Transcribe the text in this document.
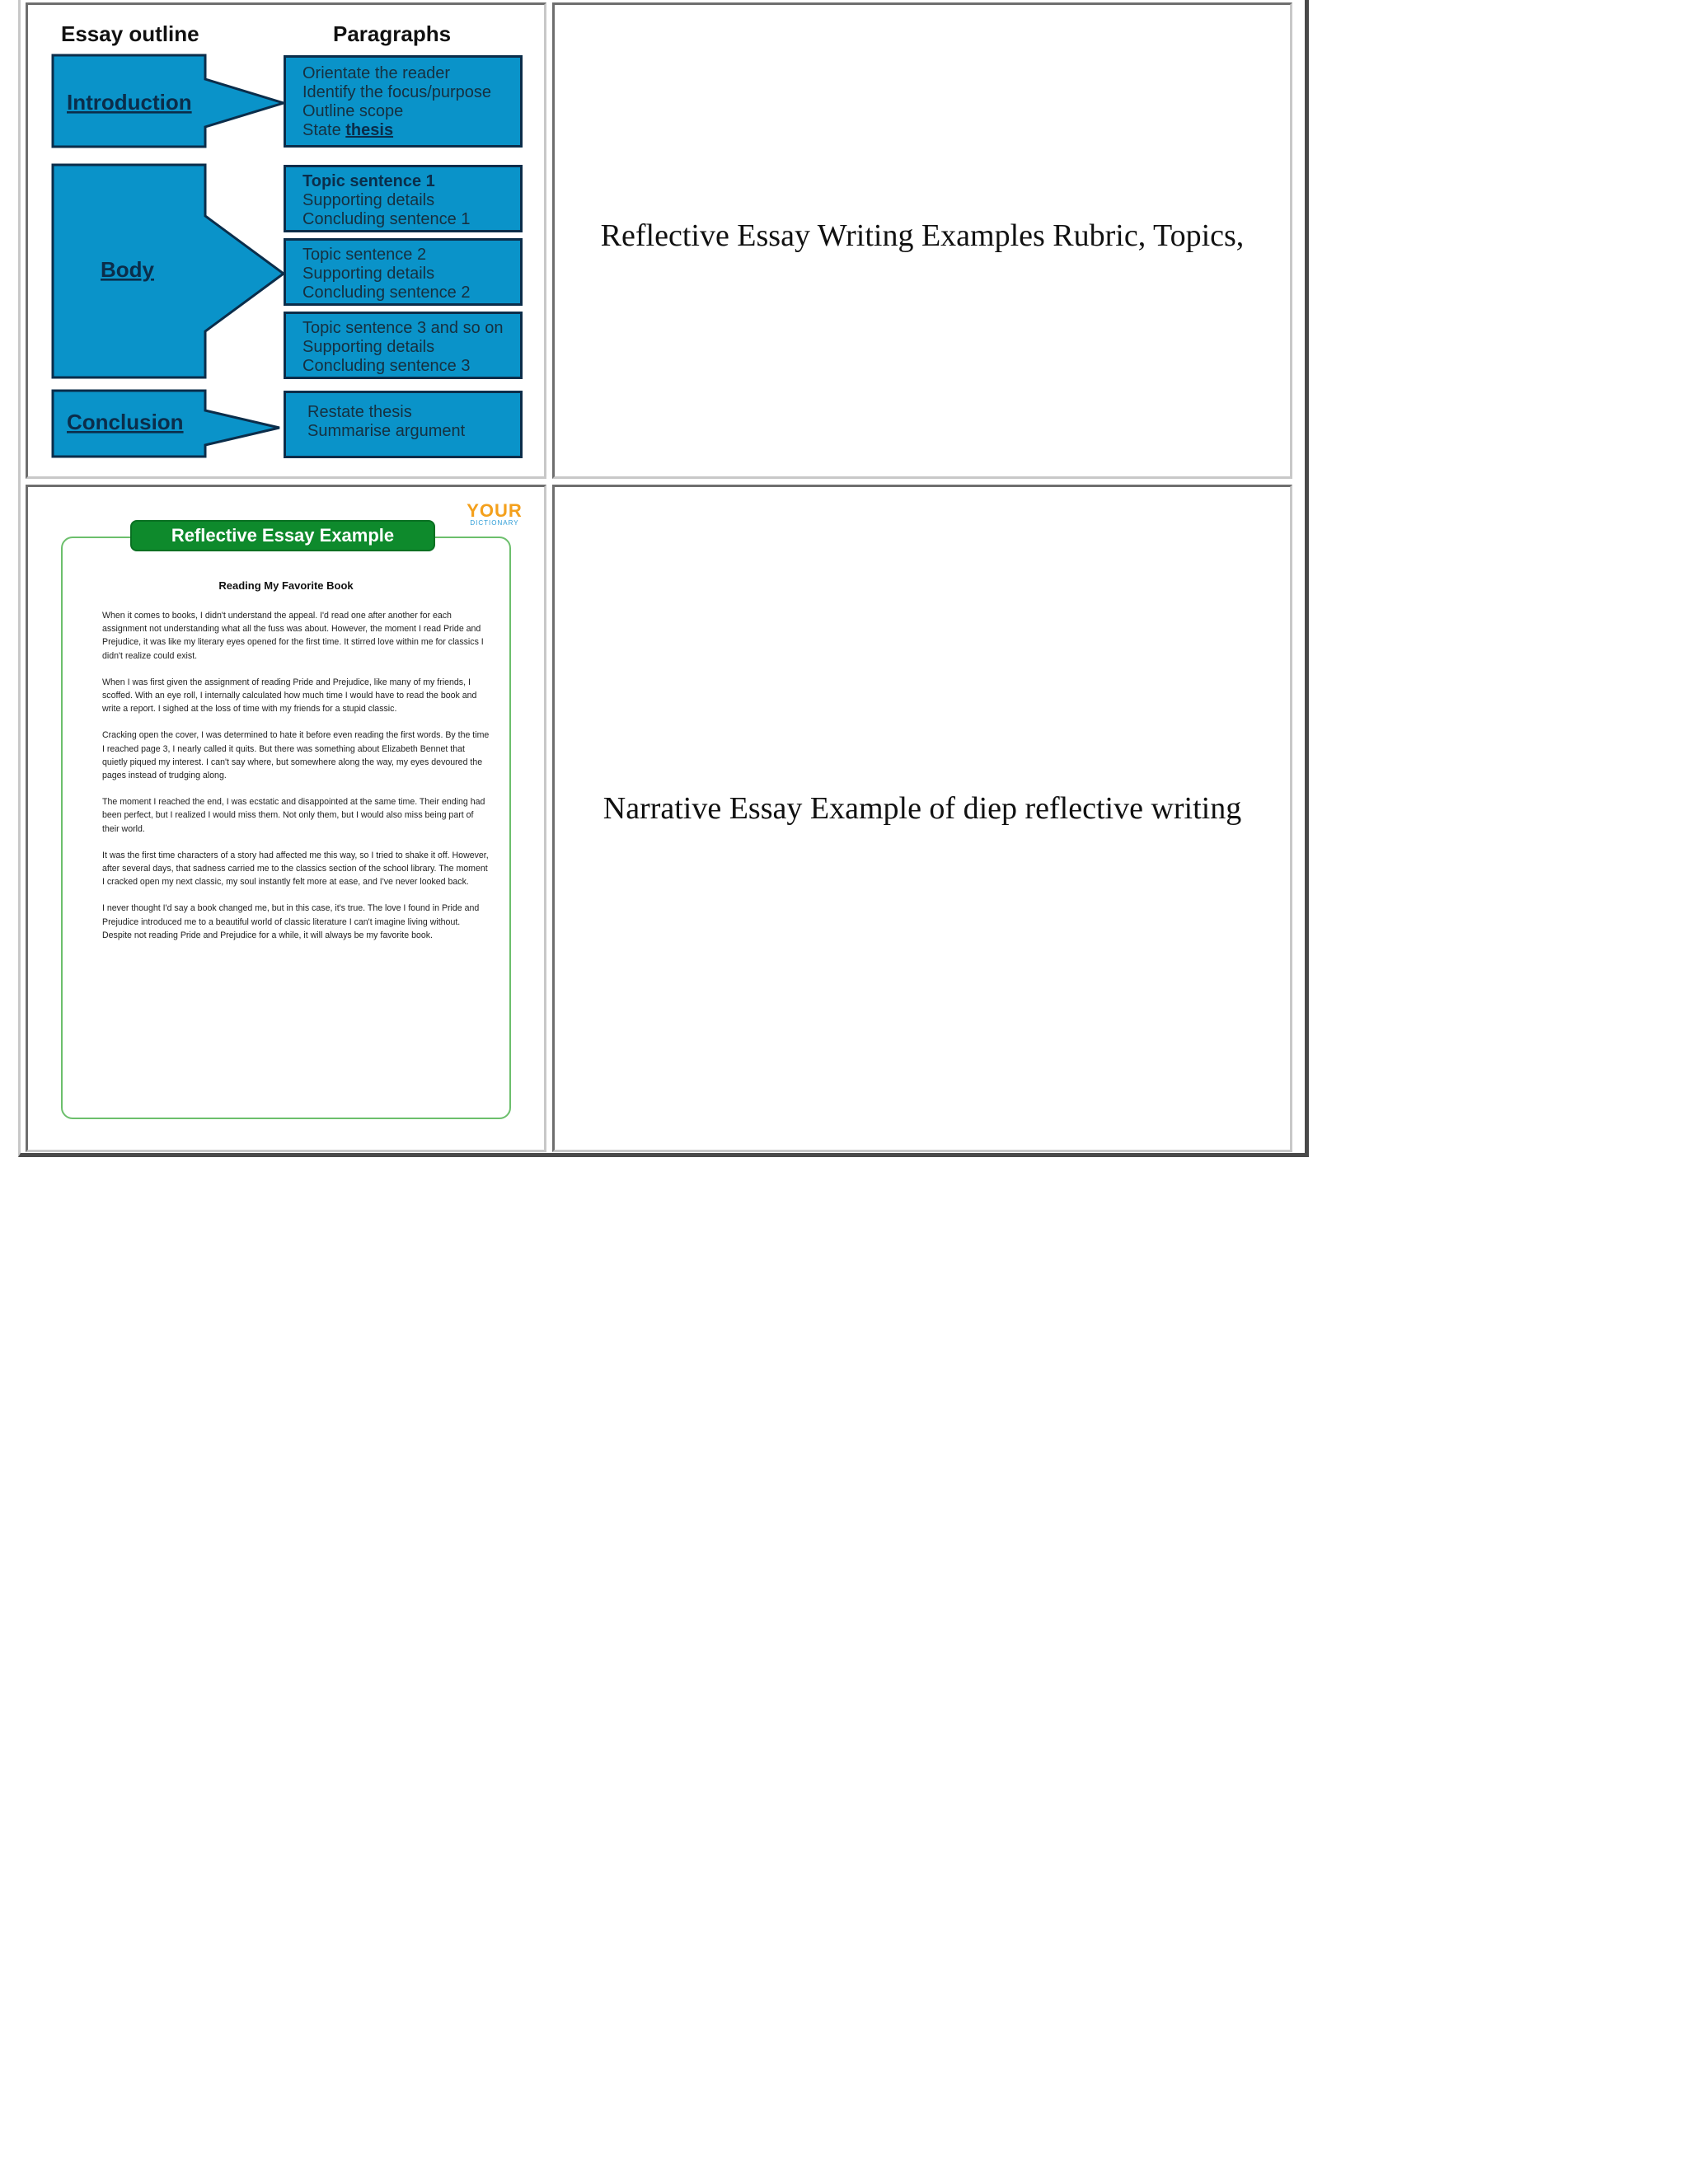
Essay outline	Paragraphs
Introduction
Body
Conclusion
Orientate the reader
Identify the focus/purpose
Outline scope
State thesis
Topic sentence 1
Supporting details
Concluding sentence 1
Topic sentence 2
Supporting details
Concluding sentence 2
Topic sentence 3 and so on
Supporting details
Concluding sentence 3
Restate thesis
Summarise argument
Reflective Essay Writing Examples Rubric, Topics,
YOUR
DICTIONARY
Reflective Essay Example
Reading My Favorite Book

When it comes to books, I didn't understand the appeal. I'd read one after another for each assignment not understanding what all the fuss was about. However, the moment I read Pride and Prejudice, it was like my literary eyes opened for the first time. It stirred love within me for classics I didn't realize could exist.

When I was first given the assignment of reading Pride and Prejudice, like many of my friends, I scoffed. With an eye roll, I internally calculated how much time I would have to read the book and write a report. I sighed at the loss of time with my friends for a stupid classic.

Cracking open the cover, I was determined to hate it before even reading the first words. By the time I reached page 3, I nearly called it quits. But there was something about Elizabeth Bennet that quietly piqued my interest. I can't say where, but somewhere along the way, my eyes devoured the pages instead of trudging along.

The moment I reached the end, I was ecstatic and disappointed at the same time. Their ending had been perfect, but I realized I would miss them. Not only them, but I would also miss being part of their world.

It was the first time characters of a story had affected me this way, so I tried to shake it off. However, after several days, that sadness carried me to the classics section of the school library. The moment I cracked open my next classic, my soul instantly felt more at ease, and I've never looked back.

I never thought I'd say a book changed me, but in this case, it's true. The love I found in Pride and Prejudice introduced me to a beautiful world of classic literature I can't imagine living without. Despite not reading Pride and Prejudice for a while, it will always be my favorite book.

Narrative Essay Example of diep reflective writing
